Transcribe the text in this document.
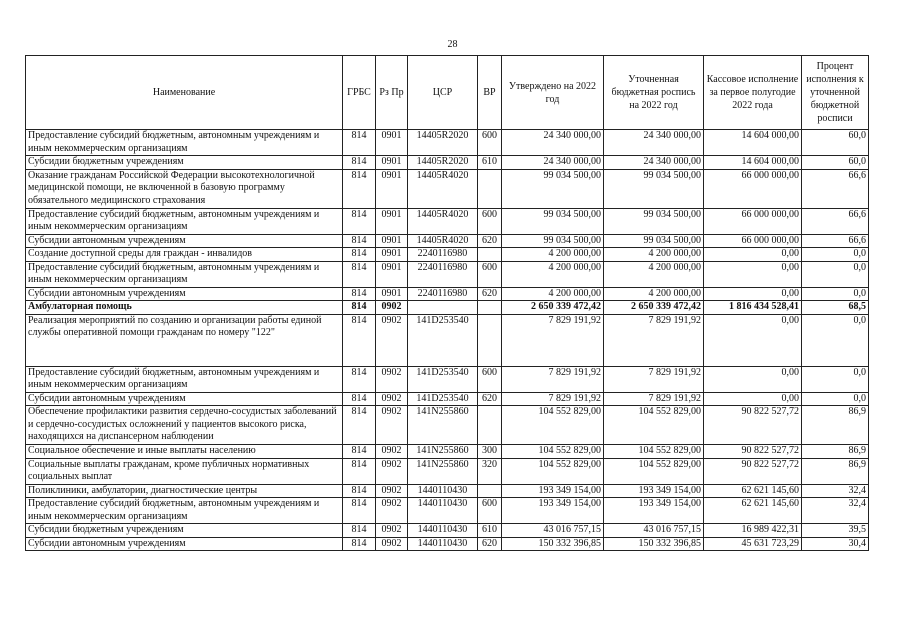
28
Наименование	ГРБС	Рз Пр	ЦСР	ВР	Утверждено на 2022 год	Уточненная бюджетная роспись на 2022 год	Кассовое исполнение за первое полугодие 2022 года	Процент исполнения к уточненной бюджетной росписи
Предоставление субсидий бюджетным, автономным учреждениям и иным некоммерческим организациям	814	0901	14405R2020	600	24 340 000,00	24 340 000,00	14 604 000,00	60,0
Субсидии бюджетным учреждениям	814	0901	14405R2020	610	24 340 000,00	24 340 000,00	14 604 000,00	60,0
Оказание гражданам Российской Федерации высокотехнологичной медицинской помощи, не включенной в базовую программу обязательного медицинского страхования	814	0901	14405R4020		99 034 500,00	99 034 500,00	66 000 000,00	66,6
Предоставление субсидий бюджетным, автономным учреждениям и иным некоммерческим организациям	814	0901	14405R4020	600	99 034 500,00	99 034 500,00	66 000 000,00	66,6
Субсидии автономным учреждениям	814	0901	14405R4020	620	99 034 500,00	99 034 500,00	66 000 000,00	66,6
Создание доступной среды для граждан - инвалидов	814	0901	2240116980		4 200 000,00	4 200 000,00	0,00	0,0
Предоставление субсидий бюджетным, автономным учреждениям и иным некоммерческим организациям	814	0901	2240116980	600	4 200 000,00	4 200 000,00	0,00	0,0
Субсидии автономным учреждениям	814	0901	2240116980	620	4 200 000,00	4 200 000,00	0,00	0,0
Амбулаторная помощь	814	0902			2 650 339 472,42	2 650 339 472,42	1 816 434 528,41	68,5
Реализация мероприятий по созданию и организации работы единой службы оперативной помощи гражданам по номеру "122"	814	0902	141D253540		7 829 191,92	7 829 191,92	0,00	0,0
Предоставление субсидий бюджетным, автономным учреждениям и иным некоммерческим организациям	814	0902	141D253540	600	7 829 191,92	7 829 191,92	0,00	0,0
Субсидии автономным учреждениям	814	0902	141D253540	620	7 829 191,92	7 829 191,92	0,00	0,0
Обеспечение профилактики развития сердечно-сосудистых заболеваний и сердечно-сосудистых осложнений у пациентов высокого риска, находящихся на диспансерном наблюдении	814	0902	141N255860		104 552 829,00	104 552 829,00	90 822 527,72	86,9
Социальное обеспечение и иные выплаты населению	814	0902	141N255860	300	104 552 829,00	104 552 829,00	90 822 527,72	86,9
Социальные выплаты гражданам, кроме публичных нормативных социальных выплат	814	0902	141N255860	320	104 552 829,00	104 552 829,00	90 822 527,72	86,9
Поликлиники, амбулатории, диагностические центры	814	0902	1440110430		193 349 154,00	193 349 154,00	62 621 145,60	32,4
Предоставление субсидий бюджетным, автономным учреждениям и иным некоммерческим организациям	814	0902	1440110430	600	193 349 154,00	193 349 154,00	62 621 145,60	32,4
Субсидии бюджетным учреждениям	814	0902	1440110430	610	43 016 757,15	43 016 757,15	16 989 422,31	39,5
Субсидии автономным учреждениям	814	0902	1440110430	620	150 332 396,85	150 332 396,85	45 631 723,29	30,4
